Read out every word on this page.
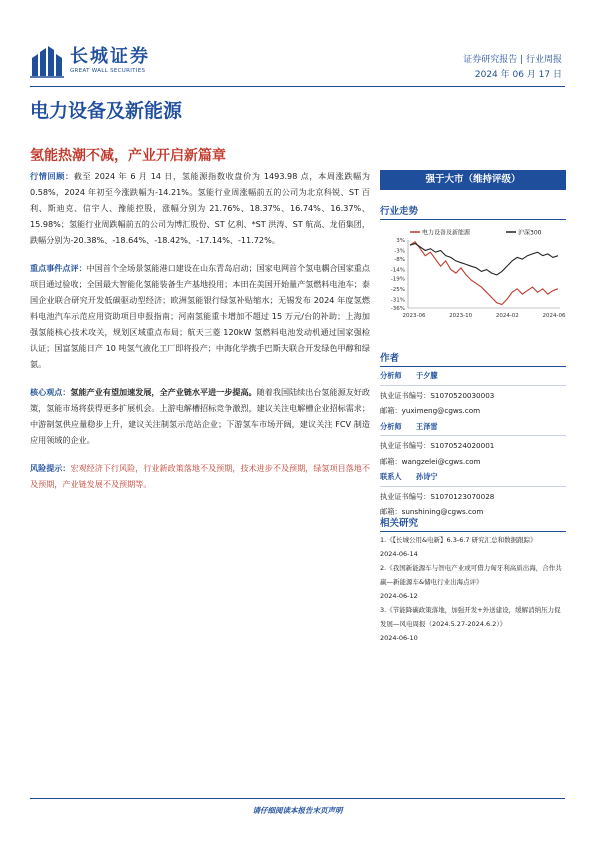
长城证券
GREAT WALL SECURITIES
证券研究报告 | 行业周报
2024 年 06 月 17 日
电力设备及新能源
氢能热潮不减，产业开启新篇章
行情回顾：截至 2024 年 6 月 14 日，氢能源指数收盘价为 1493.98 点，本周涨跌幅为 0.58%，2024 年初至今涨跌幅为-14.21%。氢能行业周涨幅前五的公司为北京科锐、ST 百利、斯迪克、信宇人、豫能控股，涨幅分别为 21.76%、18.37%、16.74%、16.37%、15.98%；氢能行业周跌幅前五的公司为博汇股份、ST 亿利、*ST 洪涛、ST 航高、龙佰集团，跌幅分别为-20.38%、-18.64%、-18.42%、-17.14%、-11.72%。
重点事件点评：中国首个全场景氢能港口建设在山东青岛启动；国家电网首个氢电耦合国家重点项目通过验收；全国最大智能化氢能装备生产基地投用；本田在美国开始量产氢燃料电池车；泰国企业联合研究开发低碳驱动型经济；欧洲氢能银行绿氢补贴缩水；无锡发布 2024 年度氢燃料电池汽车示范应用资助项目申报指南；河南氢能重卡增加不超过 15 万元/台的补助；上海加强氢能核心技术攻关，规划区域重点布局；航天三菱 120kW 氢燃料电池发动机通过国家强检认证；国富氢能日产 10 吨氢气液化工厂即将投产；中海化学携手巴斯夫联合开发绿色甲醇和绿氨。
核心观点：氢能产业有望加速发展，全产业链水平进一步提高。随着我国陆续出台氢能源友好政策，氢能市场将获得更多扩展机会。上游电解槽招标竞争激烈，建议关注电解槽企业招标需求；中游制氢供应量稳步上升，建议关注制氢示范站企业；下游氢车市场开阔，建议关注 FCV 制造应用领域的企业。
风险提示：宏观经济下行风险，行业新政策落地不及预期，技术进步不及预期，绿氢项目落地不及预期，产业链发展不及预期等。
强于大市（维持评级）
行业走势
电力设备及新能源	沪深300
3%
-3%
-8%
-14%
-19%
-25%
-31%
-36%
2023-06	2023-10	2024-02	2024-06
作者
分析师	于夕朦
执业证书编号：S1070520030003
邮箱：yuximeng@cgws.com
分析师	王泽雷
执业证书编号：S1070524020001
邮箱：wangzelei@cgws.com
联系人	孙诗宁
执业证书编号：S1070123070028
邮箱：sunshining@cgws.com
相关研究
1.《【长城公用&电新】6.3-6.7 研究汇总和数据跟踪》
2024-06-14
2.《我国新能源车与智电产业或可借力匈牙利高质出海，合作共赢—新能源车&储电行业出海点评》
2024-06-12
3.《节能降碳政策落地，加强开发+外送建设，缓解消纳压力促发展—风电周报（2024.5.27-2024.6.2）》
2024-06-10
请仔细阅读本报告末页声明
